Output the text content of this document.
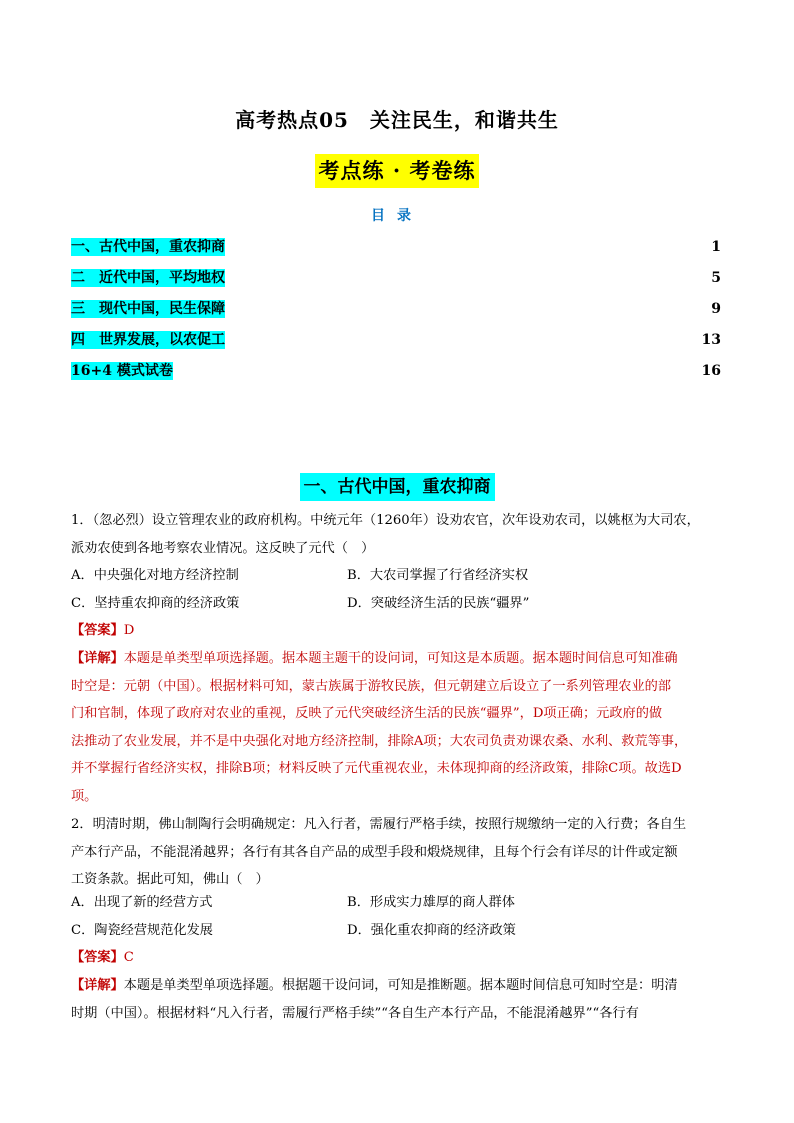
高考热点05　关注民生，和谐共生
考点练 · 考卷练
目录
一、古代中国，重农抑商	1
二　近代中国，平均地权	5
三　现代中国，民生保障	9
四　世界发展，以农促工	13
16+4 模式试卷	16
一、古代中国，重农抑商
1．（忽必烈）设立管理农业的政府机构。中统元年（1260年）设劝农官，次年设劝农司，以姚枢为大司农，
派劝农使到各地考察农业情况。这反映了元代（　）
A．中央强化对地方经济控制	B．大农司掌握了行省经济实权
C．坚持重农抑商的经济政策	D．突破经济生活的民族“疆界”
【答案】D
【详解】本题是单类型单项选择题。据本题主题干的设问词，可知这是本质题。据本题时间信息可知准确
时空是：元朝（中国）。根据材料可知，蒙古族属于游牧民族，但元朝建立后设立了一系列管理农业的部
门和官制，体现了政府对农业的重视，反映了元代突破经济生活的民族“疆界”，D项正确；元政府的做
法推动了农业发展，并不是中央强化对地方经济控制，排除A项；大农司负责劝课农桑、水利、救荒等事，
并不掌握行省经济实权，排除B项；材料反映了元代重视农业，未体现抑商的经济政策，排除C项。故选D
项。
2．明清时期，佛山制陶行会明确规定：凡入行者，需履行严格手续，按照行规缴纳一定的入行费；各自生
产本行产品，不能混淆越界；各行有其各自产品的成型手段和煅烧规律，且每个行会有详尽的计件或定额
工资条款。据此可知，佛山（　）
A．出现了新的经营方式	B．形成实力雄厚的商人群体
C．陶瓷经营规范化发展	D．强化重农抑商的经济政策
【答案】C
【详解】本题是单类型单项选择题。根据题干设问词，可知是推断题。据本题时间信息可知时空是：明清
时期（中国）。根据材料“凡入行者，需履行严格手续”“各自生产本行产品，不能混淆越界”“各行有
